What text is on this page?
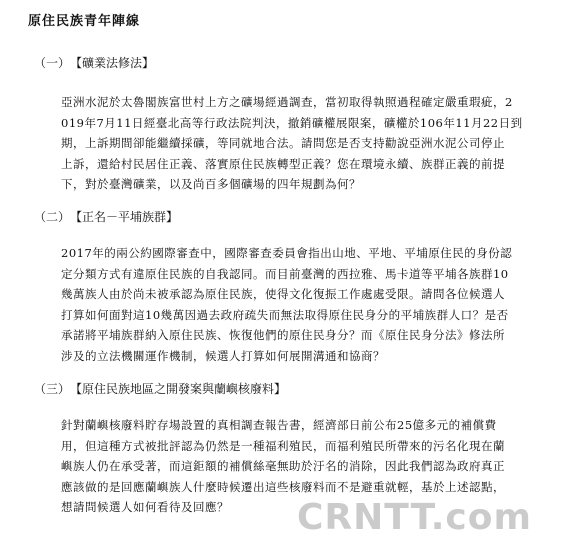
原住民族青年陣線
（一）【礦業法修法】
亞洲水泥於太魯閣族富世村上方之礦場經過調查，當初取得執照過程確定嚴重瑕疵，2
019年7月11日經臺北高等行政法院判決，撤銷礦權展限案，礦權於106年11月22日到
期，上訴期間卻能繼續採礦，等同就地合法。請問您是否支持勸說亞洲水泥公司停止
上訴，還給村民居住正義、落實原住民族轉型正義？您在環境永續、族群正義的前提
下，對於臺灣礦業，以及尚百多個礦場的四年規劃為何？
（二）【正名－平埔族群】
2017年的兩公約國際審查中，國際審查委員會指出山地、平地、平埔原住民的身份認
定分類方式有違原住民族的自我認同。而目前臺灣的西拉雅、馬卡道等平埔各族群10
幾萬族人由於尚未被承認為原住民族，使得文化復振工作處處受限。請問各位候選人
打算如何面對這10幾萬因過去政府疏失而無法取得原住民身分的平埔族群人口？是否
承諾將平埔族群納入原住民族、恢復他們的原住民身分？而《原住民身分法》修法所
涉及的立法機關運作機制，候選人打算如何展開溝通和協商？
（三）【原住民族地區之開發案與蘭嶼核廢料】
針對蘭嶼核廢料貯存場設置的真相調查報告書，經濟部日前公布25億多元的補償費
用，但這種方式被批評認為仍然是一種福利殖民，而福利殖民所帶來的污名化現在蘭
嶼族人仍在承受著，而這鉅額的補償絲毫無助於汙名的消除，因此我們認為政府真正
應該做的是回應蘭嶼族人什麼時候遷出這些核廢料而不是避重就輕，基於上述認點，
想請問候選人如何看待及回應？	CRNTT.com
